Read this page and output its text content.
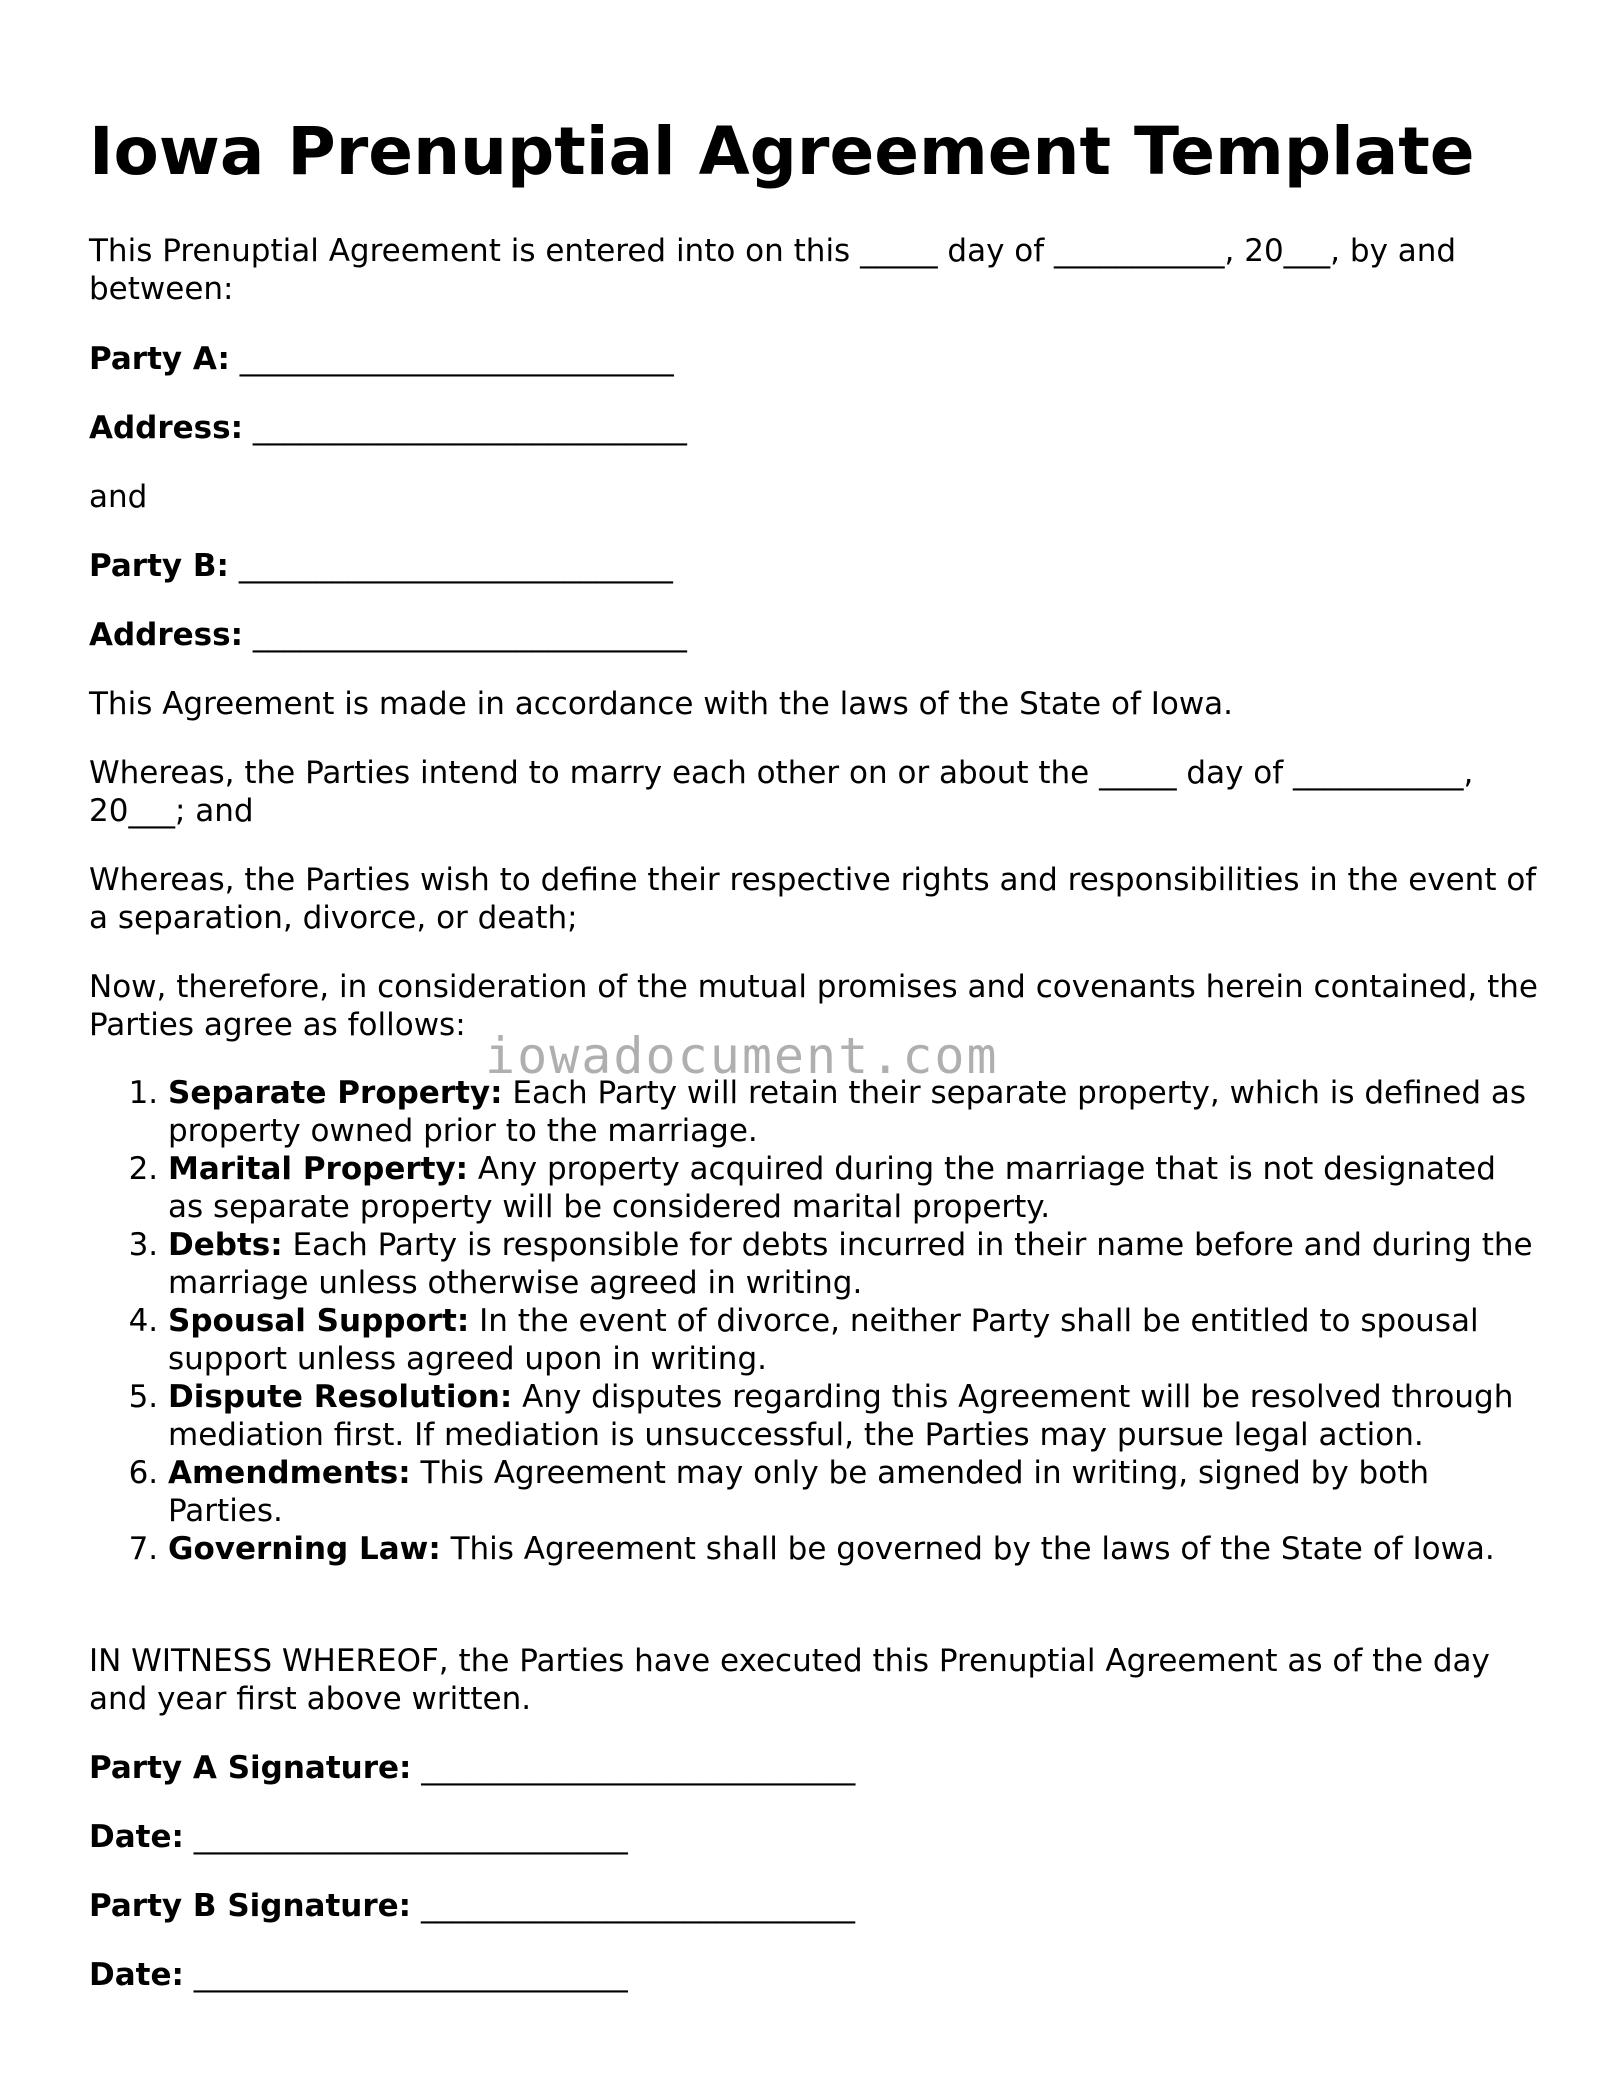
Iowa Prenuptial Agreement Template

This Prenuptial Agreement is entered into on this _____ day of ___________, 20___, by and between:

Party A: ____________________________

Address: ____________________________

and

Party B: ____________________________

Address: ____________________________

This Agreement is made in accordance with the laws of the State of Iowa.

Whereas, the Parties intend to marry each other on or about the _____ day of ___________, 20___; and

Whereas, the Parties wish to define their respective rights and responsibilities in the event of a separation, divorce, or death;

Now, therefore, in consideration of the mutual promises and covenants herein contained, the Parties agree as follows:

1. Separate Property: Each Party will retain their separate property, which is defined as property owned prior to the marriage.
2. Marital Property: Any property acquired during the marriage that is not designated as separate property will be considered marital property.
3. Debts: Each Party is responsible for debts incurred in their name before and during the marriage unless otherwise agreed in writing.
4. Spousal Support: In the event of divorce, neither Party shall be entitled to spousal support unless agreed upon in writing.
5. Dispute Resolution: Any disputes regarding this Agreement will be resolved through mediation first. If mediation is unsuccessful, the Parties may pursue legal action.
6. Amendments: This Agreement may only be amended in writing, signed by both Parties.
7. Governing Law: This Agreement shall be governed by the laws of the State of Iowa.

IN WITNESS WHEREOF, the Parties have executed this Prenuptial Agreement as of the day and year first above written.

Party A Signature: ____________________________

Date: ____________________________

Party B Signature: ____________________________

Date: ____________________________

iowadocument.com
